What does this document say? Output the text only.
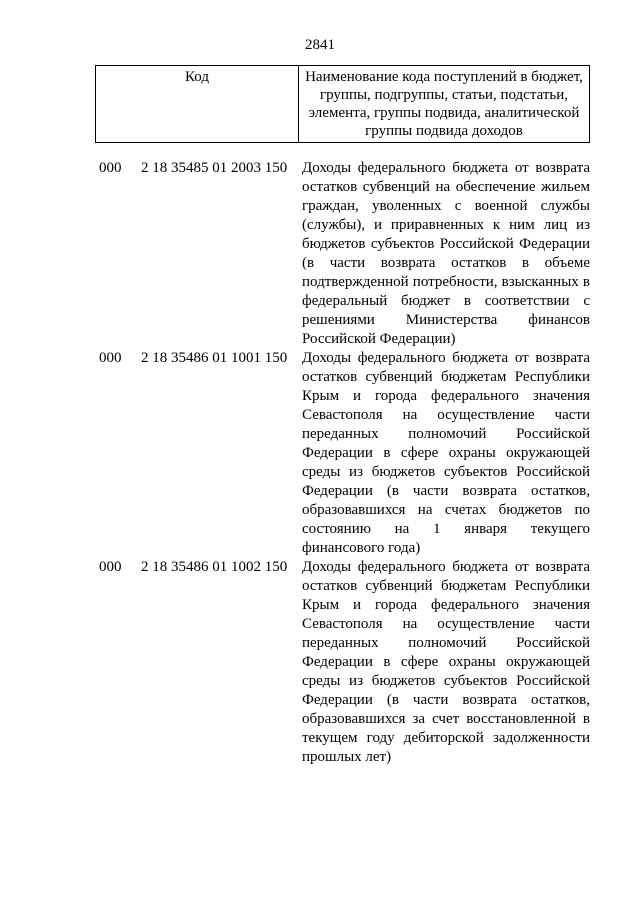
2841
Код	Наименование кода поступлений в бюджет, группы, подгруппы, статьи, подстатьи, элемента, группы подвида, аналитической группы подвида доходов
000	2 18 35485 01 2003 150 Доходы федерального бюджета от возврата остатков субвенций на обеспечение жильем граждан, уволенных с военной службы (службы), и приравненных к ним лиц из бюджетов субъектов Российской Федерации (в части возврата остатков в объеме подтвержденной потребности, взысканных в федеральный бюджет в соответствии с решениями Министерства финансов Российской Федерации)
000	2 18 35486 01 1001 150 Доходы федерального бюджета от возврата остатков субвенций бюджетам Республики Крым и города федерального значения Севастополя на осуществление части переданных полномочий Российской Федерации в сфере охраны окружающей среды из бюджетов субъектов Российской Федерации (в части возврата остатков, образовавшихся на счетах бюджетов по состоянию на 1 января текущего финансового года)
000	2 18 35486 01 1002 150 Доходы федерального бюджета от возврата остатков субвенций бюджетам Республики Крым и города федерального значения Севастополя на осуществление части переданных полномочий Российской Федерации в сфере охраны окружающей среды из бюджетов субъектов Российской Федерации (в части возврата остатков, образовавшихся за счет восстановленной в текущем году дебиторской задолженности прошлых лет)
